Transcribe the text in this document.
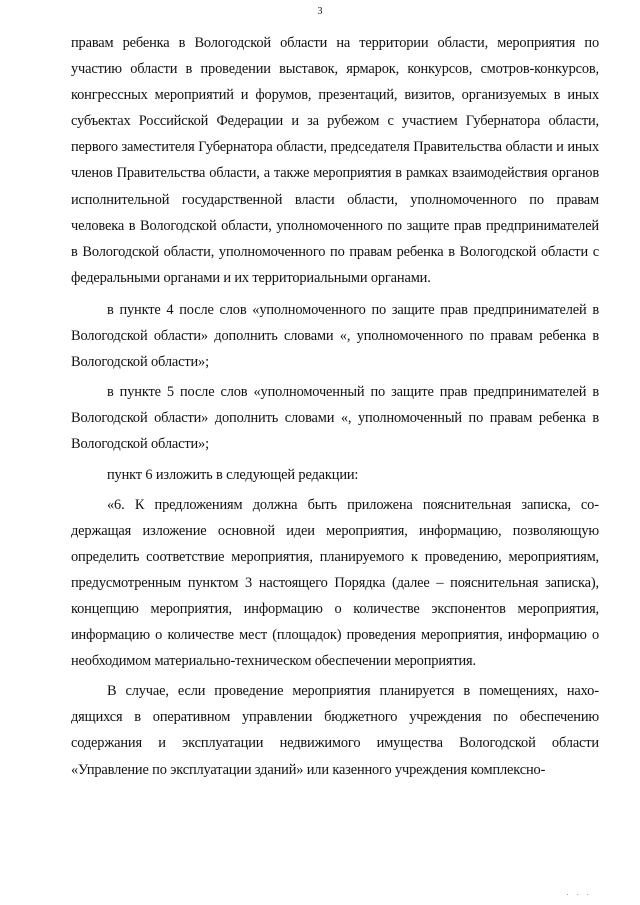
3

правам ребенка в Вологодской области на территории области, мероприятия по участию области в проведении выставок, ярмарок, конкурсов, смотров-конкурсов, конгрессных мероприятий и форумов, презентаций, визитов, организуемых в иных субъектах Российской Федерации и за рубежом с участием Губернатора области, первого заместителя Губернатора области, председателя Правительства области и иных членов Правительства области, а также мероприятия в рамках взаимодействия органов исполнительной государственной власти области, уполномоченного по правам человека в Вологодской области, уполномоченного по защите прав предпринимателей в Вологодской области, уполномоченного по правам ребенка в Вологодской области с федеральными органами и их территориальными органами.

в пункте 4 после слов «уполномоченного по защите прав предпринимателей в Вологодской области» дополнить словами «, уполномоченного по правам ребенка в Вологодской области»;

в пункте 5 после слов «уполномоченный по защите прав предпринимателей в Вологодской области» дополнить словами «, уполномоченный по правам ребенка в Вологодской области»;

пункт 6 изложить в следующей редакции:

«6. К предложениям должна быть приложена пояснительная записка, содержащая изложение основной идеи мероприятия, информацию, позволяющую определить соответствие мероприятия, планируемого к проведению, мероприятиям, предусмотренным пунктом 3 настоящего Порядка (далее – пояснительная записка), концепцию мероприятия, информацию о количестве экспонентов мероприятия, информацию о количестве мест (площадок) проведения мероприятия, информацию о необходимом материально-техническом обеспечении мероприятия.

В случае, если проведение мероприятия планируется в помещениях, находящихся в оперативном управлении бюджетного учреждения по обеспечению содержания и эксплуатации недвижимого имущества Вологодской области «Управление по эксплуатации зданий» или казенного учреждения комплексно-

· · ·
